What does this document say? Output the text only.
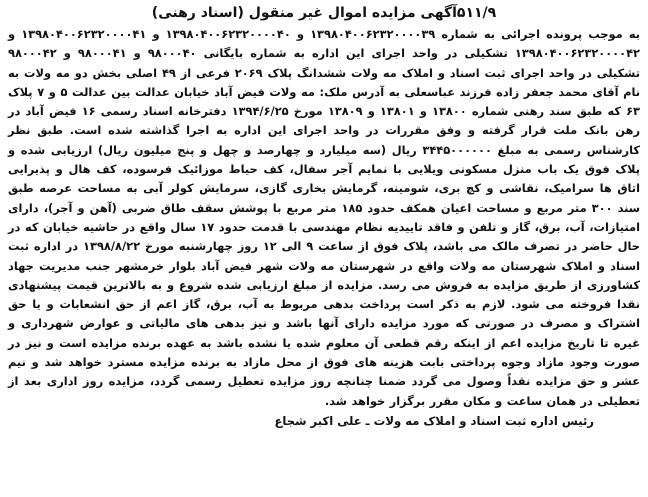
۵۱۱/۹آگهی مزایده اموال غیر منقول (اسناد رهنی)

به موجب پرونده اجرائی به شماره ۱۳۹۸۰۴۰۰۶۲۳۲۰۰۰۰۳۹ و ۱۳۹۸۰۴۰۰۶۲۳۲۰۰۰۰۴۰ و ۱۳۹۸۰۴۰۰۶۲۳۲۰۰۰۰۴۱ و ۱۳۹۸۰۴۰۰۶۲۳۲۰۰۰۰۴۲ تشکیلی در واحد اجرای این اداره به شماره بایگانی ۹۸۰۰۰۴۰ و ۹۸۰۰۰۴۱ و ۹۸۰۰۰۴۲ تشکیلی در واحد اجرای ثبت اسناد و املاک مه ولات ششدانگ پلاک ۲۰۶۹ فرعی از ۴۹ اصلی بخش دو مه ولات به نام آقای محمد جعفر زاده فرزند عباسعلی به آدرس ملک: مه ولات فیض آباد خیابان عدالت بین عدالت ۵ و ۷ پلاک ۶۳ که طبق سند رهنی شماره ۱۳۸۰۰ و ۱۳۸۰۱ و ۱۳۸۰۹ مورخ ۱۳۹۴/۶/۲۵ دفترخانه اسناد رسمی ۱۶ فیض آباد در رهن بانک ملت قرار گرفته و وفق مقررات در واحد اجرای این اداره به اجرا گذاشته شده است. طبق نظر کارشناس رسمی به مبلغ ۳۴۴۵۰۰۰۰۰۰ ریال (سه میلیارد و چهارصد و چهل و پنج میلیون ریال) ارزیابی شده و پلاک فوق یک باب منزل مسکونی ویلایی با نمایم آجر سفال، کف حیاط موزائیک فرسوده، کف هال و پذیرایی اتاق ها سرامیک، نقاشی و کچ بری، شومینه، گرمایش بخاری گازی، سرمایش کولر آبی به مساحت عرصه طبق سند ۳۰۰ متر مربع و مساحت اعیان همکف حدود ۱۸۵ متر مربع با پوشش سقف طاق ضربی (آهن و آجر)، دارای امتیازات، آب، برق، گاز و تلفن و فاقد تاییدیه نظام مهندسی با قدمت حدود ۱۷ سال واقع در حاشیه خیابان که در حال حاضر در تصرف مالک می باشد، پلاک فوق از ساعت ۹ الی ۱۲ روز چهارشنبه مورخ ۱۳۹۸/۸/۲۲ در اداره ثبت اسناد و املاک شهرستان مه ولات واقع در شهرستان مه ولات شهر فیض آباد بلوار خرمشهر جنب مدیریت جهاد کشاورزی از طریق مزایده به فروش می رسد. مزایده از مبلغ ارزیابی شده شروع و به بالاترین قیمت پیشنهادی نقدا فروخته می شود. لازم به ذکر است پرداخت بدهی مربوط به آب، برق، گاز اعم از حق انشعابات و یا حق اشتراک و مصرف در صورتی که مورد مزایده دارای آنها باشد و نیز بدهی های مالیاتی و عوارض شهرداری و غیره تا تاریخ مزایده اعم از اینکه رقم قطعی آن معلوم شده یا نشده باشد به عهده برنده مزایده است و نیز در صورت وجود مازاد وجوه پرداختی بابت هزینه های فوق از محل مازاد به برنده مزایده مسترد خواهد شد و نیم عشر و حق مزایده نقداً وصول می گردد ضمنا چنانچه روز مزایده تعطیل رسمی گردد، مزایده روز اداری بعد از تعطیلی در همان ساعت و مکان مقرر برگزار خواهد شد.

رئیس اداره ثبت اسناد و املاک مه ولات ـ علی اکبر شجاع
